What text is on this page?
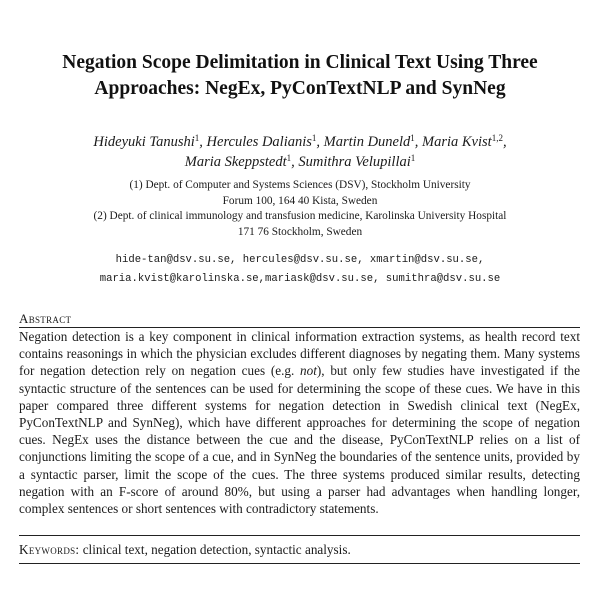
Negation Scope Delimitation in Clinical Text Using Three
Approaches: NegEx, PyConTextNLP and SynNeg
Hideyuki Tanushi$^1$, Hercules Dalianis$^1$, Martin Duneld$^1$, Maria Kvist$^{1,2}$,
Maria Skeppstedt$^1$, Sumithra Velupillai$^1$
(1) Dept. of Computer and Systems Sciences (DSV), Stockholm University
Forum 100, 164 40 Kista, Sweden
(2) Dept. of clinical immunology and transfusion medicine, Karolinska University Hospital
171 76 Stockholm, Sweden
hide-tan@dsv.su.se, hercules@dsv.su.se, xmartin@dsv.su.se,
maria.kvist@karolinska.se,mariask@dsv.su.se, sumithra@dsv.su.se
Abstract

Negation detection is a key component in clinical information extraction systems, as health record text contains reasonings in which the physician excludes different diagnoses by negating them. Many systems for negation detection rely on negation cues (e.g. not), but only few studies have investigated if the syntactic structure of the sentences can be used for determining the scope of these cues. We have in this paper compared three different systems for negation detection in Swedish clinical text (NegEx, PyConTextNLP and SynNeg), which have different approaches for determining the scope of negation cues. NegEx uses the distance between the cue and the disease, PyConTextNLP relies on a list of conjunctions limiting the scope of a cue, and in SynNeg the boundaries of the sentence units, provided by a syntactic parser, limit the scope of the cues. The three systems produced similar results, detecting negation with an F-score of around 80%, but using a parser had advantages when handling longer, complex sentences or short sentences with contradictory statements.

Keywords: clinical text, negation detection, syntactic analysis.
